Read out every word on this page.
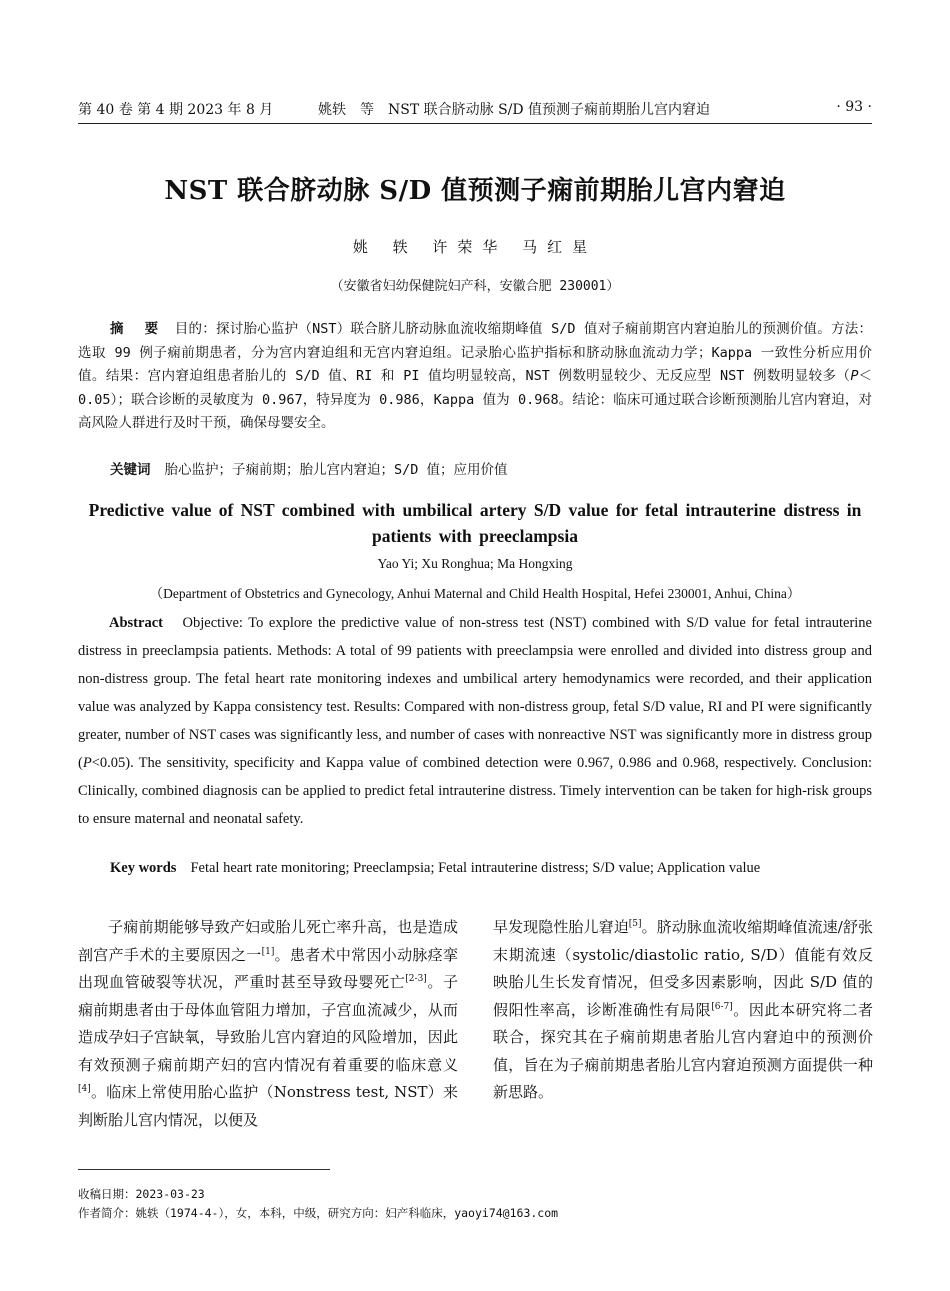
第 40 卷 第 4 期 2023 年 8 月	姚轶　等　NST 联合脐动脉 S/D 值预测子痫前期胎儿宫内窘迫	· 93 ·
NST 联合脐动脉 S/D 值预测子痫前期胎儿宫内窘迫
姚 轶 许荣华 马红星
（安徽省妇幼保健院妇产科，安徽合肥 230001）
摘 要 目的：探讨胎心监护（NST）联合脐儿脐动脉血流收缩期峰值 S/D 值对子痫前期宫内窘迫胎儿的预测价值。方法：选取 99 例子痫前期患者，分为宫内窘迫组和无宫内窘迫组。记录胎心监护指标和脐动脉血流动力学；Kappa 一致性分析应用价值。结果：宫内窘迫组患者胎儿的 S/D 值、RI 和 PI 值均明显较高，NST 例数明显较少、无反应型 NST 例数明显较多（P＜0.05）；联合诊断的灵敏度为 0.967，特异度为 0.986，Kappa 值为 0.968。结论：临床可通过联合诊断预测胎儿宫内窘迫，对高风险人群进行及时干预，确保母婴安全。
关键词 胎心监护；子痫前期；胎儿宫内窘迫；S/D 值；应用价值
Predictive value of NST combined with umbilical artery S/D value for fetal intrauterine distress in patients with preeclampsia
Yao Yi; Xu Ronghua; Ma Hongxing
（Department of Obstetrics and Gynecology, Anhui Maternal and Child Health Hospital, Hefei 230001, Anhui, China）
Abstract Objective: To explore the predictive value of non-stress test (NST) combined with S/D value for fetal intrauterine distress in preeclampsia patients. Methods: A total of 99 patients with preeclampsia were enrolled and divided into distress group and non-distress group. The fetal heart rate monitoring indexes and umbilical artery hemodynamics were recorded, and their application value was analyzed by Kappa consistency test. Results: Compared with non-distress group, fetal S/D value, RI and PI were significantly greater, number of NST cases was significantly less, and number of cases with nonreactive NST was significantly more in distress group (P<0.05). The sensitivity, specificity and Kappa value of combined detection were 0.967, 0.986 and 0.968, respectively. Conclusion: Clinically, combined diagnosis can be applied to predict fetal intrauterine distress. Timely intervention can be taken for high-risk groups to ensure maternal and neonatal safety.
Key words Fetal heart rate monitoring; Preeclampsia; Fetal intrauterine distress; S/D value; Application value
子痫前期能够导致产妇或胎儿死亡率升高，也是造成剖宫产手术的主要原因之一[1]。患者术中常因小动脉痉挛出现血管破裂等状况，严重时甚至导致母婴死亡[2-3]。子痫前期患者由于母体血管阻力增加，子宫血流减少，从而造成孕妇子宫缺氧，导致胎儿宫内窘迫的风险增加，因此有效预测子痫前期产妇的宫内情况有着重要的临床意义[4]。临床上常使用胎心监护（Nonstress test, NST）来判断胎儿宫内情况，以便及
早发现隐性胎儿窘迫[5]。脐动脉血流收缩期峰值流速/舒张末期流速（systolic/diastolic ratio, S/D）值能有效反映胎儿生长发育情况，但受多因素影响，因此 S/D 值的假阳性率高，诊断准确性有局限[6-7]。因此本研究将二者联合，探究其在子痫前期患者胎儿宫内窘迫中的预测价值，旨在为子痫前期患者胎儿宫内窘迫预测方面提供一种新思路。
收稿日期：2023-03-23
作者简介：姚轶（1974-4-），女，本科，中级，研究方向：妇产科临床，yaoyi74@163.com
